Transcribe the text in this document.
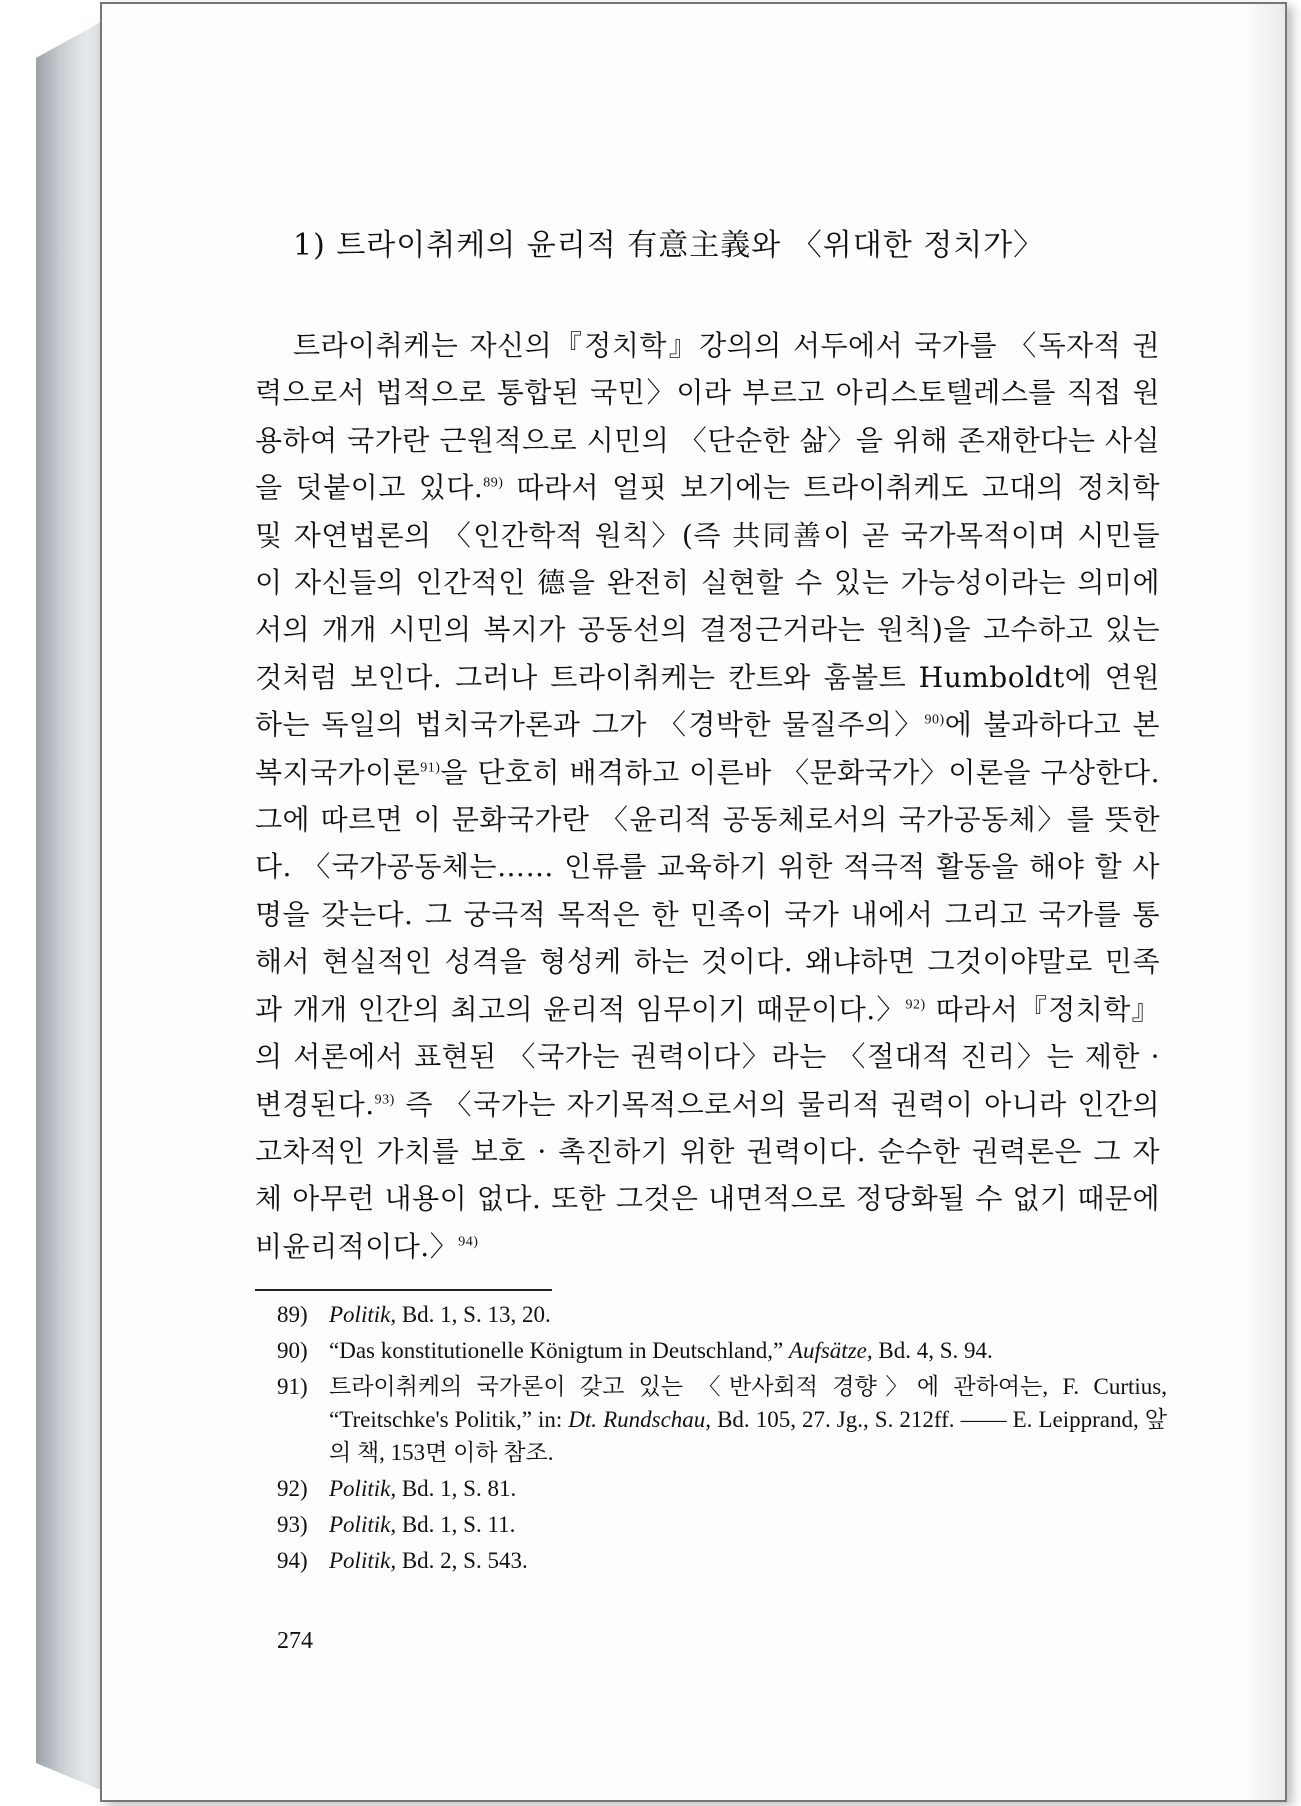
1) 트라이취케의 윤리적 有意主義와 〈위대한 정치가〉
트라이취케는 자신의『정치학』강의의 서두에서 국가를 〈독자적 권력으로서 법적으로 통합된 국민〉이라 부르고 아리스토텔레스를 직접 원용하여 국가란 근원적으로 시민의 〈단순한 삶〉을 위해 존재한다는 사실을 덧붙이고 있다.$^{89)}$ 따라서 얼핏 보기에는 트라이취케도 고대의 정치학 및 자연법론의 〈인간학적 원칙〉(즉 共同善이 곧 국가목적이며 시민들이 자신들의 인간적인 德을 완전히 실현할 수 있는 가능성이라는 의미에서의 개개 시민의 복지가 공동선의 결정근거라는 원칙)을 고수하고 있는 것처럼 보인다. 그러나 트라이취케는 칸트와 훔볼트 Humboldt에 연원하는 독일의 법치국가론과 그가 〈경박한 물질주의〉$^{90)}$에 불과하다고 본 복지국가이론$^{91)}$을 단호히 배격하고 이른바 〈문화국가〉이론을 구상한다. 그에 따르면 이 문화국가란 〈윤리적 공동체로서의 국가공동체〉를 뜻한다. 〈국가공동체는…… 인류를 교육하기 위한 적극적 활동을 해야 할 사명을 갖는다. 그 궁극적 목적은 한 민족이 국가 내에서 그리고 국가를 통해서 현실적인 성격을 형성케 하는 것이다. 왜냐하면 그것이야말로 민족과 개개 인간의 최고의 윤리적 임무이기 때문이다.〉$^{92)}$ 따라서『정치학』의 서론에서 표현된 〈국가는 권력이다〉라는 〈절대적 진리〉는 제한 · 변경된다.$^{93)}$ 즉 〈국가는 자기목적으로서의 물리적 권력이 아니라 인간의 고차적인 가치를 보호 · 촉진하기 위한 권력이다. 순수한 권력론은 그 자체 아무런 내용이 없다. 또한 그것은 내면적으로 정당화될 수 없기 때문에 비윤리적이다.〉$^{94)}$
89) Politik, Bd. 1, S. 13, 20.
90) “Das konstitutionelle Königtum in Deutschland,” Aufsätze, Bd. 4, S. 94.
91) 트라이취케의 국가론이 갖고 있는 〈반사회적 경향〉에 관하여는, F. Curtius, “Treitschke's Politik,” in: Dt. Rundschau, Bd. 105, 27. Jg., S. 212ff. —— E. Leipprand, 앞의 책, 153면 이하 참조.
92) Politik, Bd. 1, S. 81.
93) Politik, Bd. 1, S. 11.
94) Politik, Bd. 2, S. 543.
274
